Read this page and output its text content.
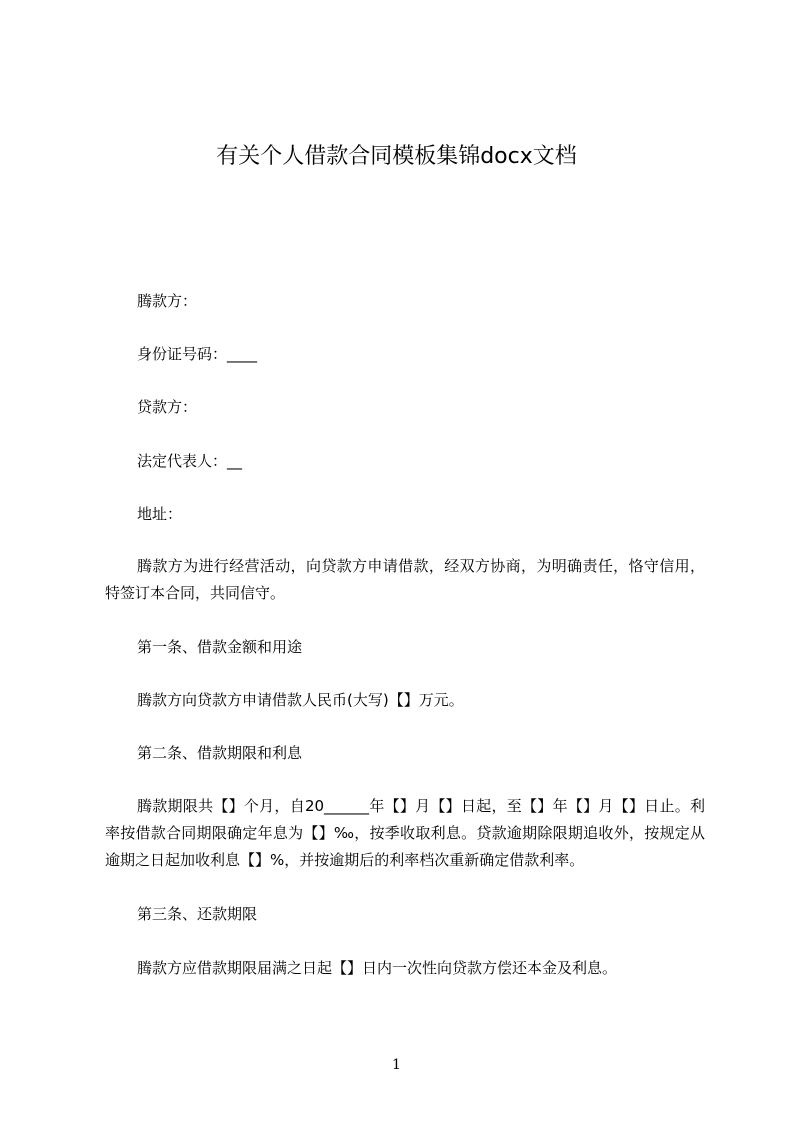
有关个人借款合同模板集锦docx文档

腾款方：

身份证号码：____

贷款方：

法定代表人：__

地址：

腾款方为进行经营活动，向贷款方申请借款，经双方协商，为明确责任，恪守信用，特签订本合同，共同信守。

第一条、借款金额和用途

腾款方向贷款方申请借款人民币(大写)【】万元。

第二条、借款期限和利息

腾款期限共【】个月，自20______年【】月【】日起，至【】年【】月【】日止。利率按借款合同期限确定年息为【】‰，按季收取利息。贷款逾期除限期追收外，按规定从逾期之日起加收利息【】%，并按逾期后的利率档次重新确定借款利率。

第三条、还款期限

腾款方应借款期限届满之日起【】日内一次性向贷款方偿还本金及利息。

1
